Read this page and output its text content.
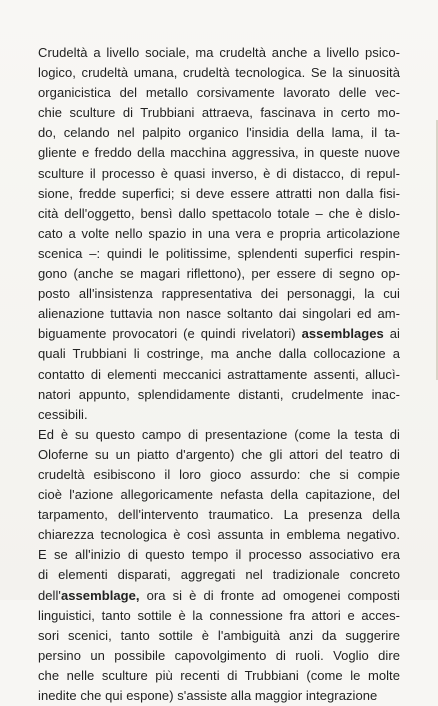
Crudeltà a livello sociale, ma crudeltà anche a livello psico-
logico, crudeltà umana, crudeltà tecnologica. Se la sinuosità
organicistica del metallo corsivamente lavorato delle vec-
chie sculture di Trubbiani attraeva, fascinava in certo mo-
do, celando nel palpito organico l'insidia della lama, il ta-
gliente e freddo della macchina aggressiva, in queste nuove
sculture il processo è quasi inverso, è di distacco, di repul-
sione, fredde superfici; si deve essere attratti non dalla fisi-
cità dell'oggetto, bensì dallo spettacolo totale – che è dislo-
cato a volte nello spazio in una vera e propria articolazione
scenica –: quindi le politissime, splendenti superfici respin-
gono (anche se magari riflettono), per essere di segno op-
posto all'insistenza rappresentativa dei personaggi, la cui
alienazione tuttavia non nasce soltanto dai singolari ed am-
biguamente provocatori (e quindi rivelatori) assemblages ai
quali Trubbiani li costringe, ma anche dalla collocazione a
contatto di elementi meccanici astrattamente assenti, allucì-
natori appunto, splendidamente distanti, crudelmente inac-
cessibili.
Ed è su questo campo di presentazione (come la testa di
Oloferne su un piatto d'argento) che gli attori del teatro di
crudeltà esibiscono il loro gioco assurdo: che si compie
cioè l'azione allegoricamente nefasta della capitazione, del
tarpamento, dell'intervento traumatico. La presenza della
chiarezza tecnologica è così assunta in emblema negativo.
E se all'inizio di questo tempo il processo associativo era
di elementi disparati, aggregati nel tradizionale concreto
dell'assemblage, ora si è di fronte ad omogenei composti
linguistici, tanto sottile è la connessione fra attori e acces-
sori scenici, tanto sottile è l'ambiguità anzi da suggerire
persino un possibile capovolgimento di ruoli. Voglio dire
che nelle sculture più recenti di Trubbiani (come le molte
inedite che qui espone) s'assiste alla maggior integrazione
